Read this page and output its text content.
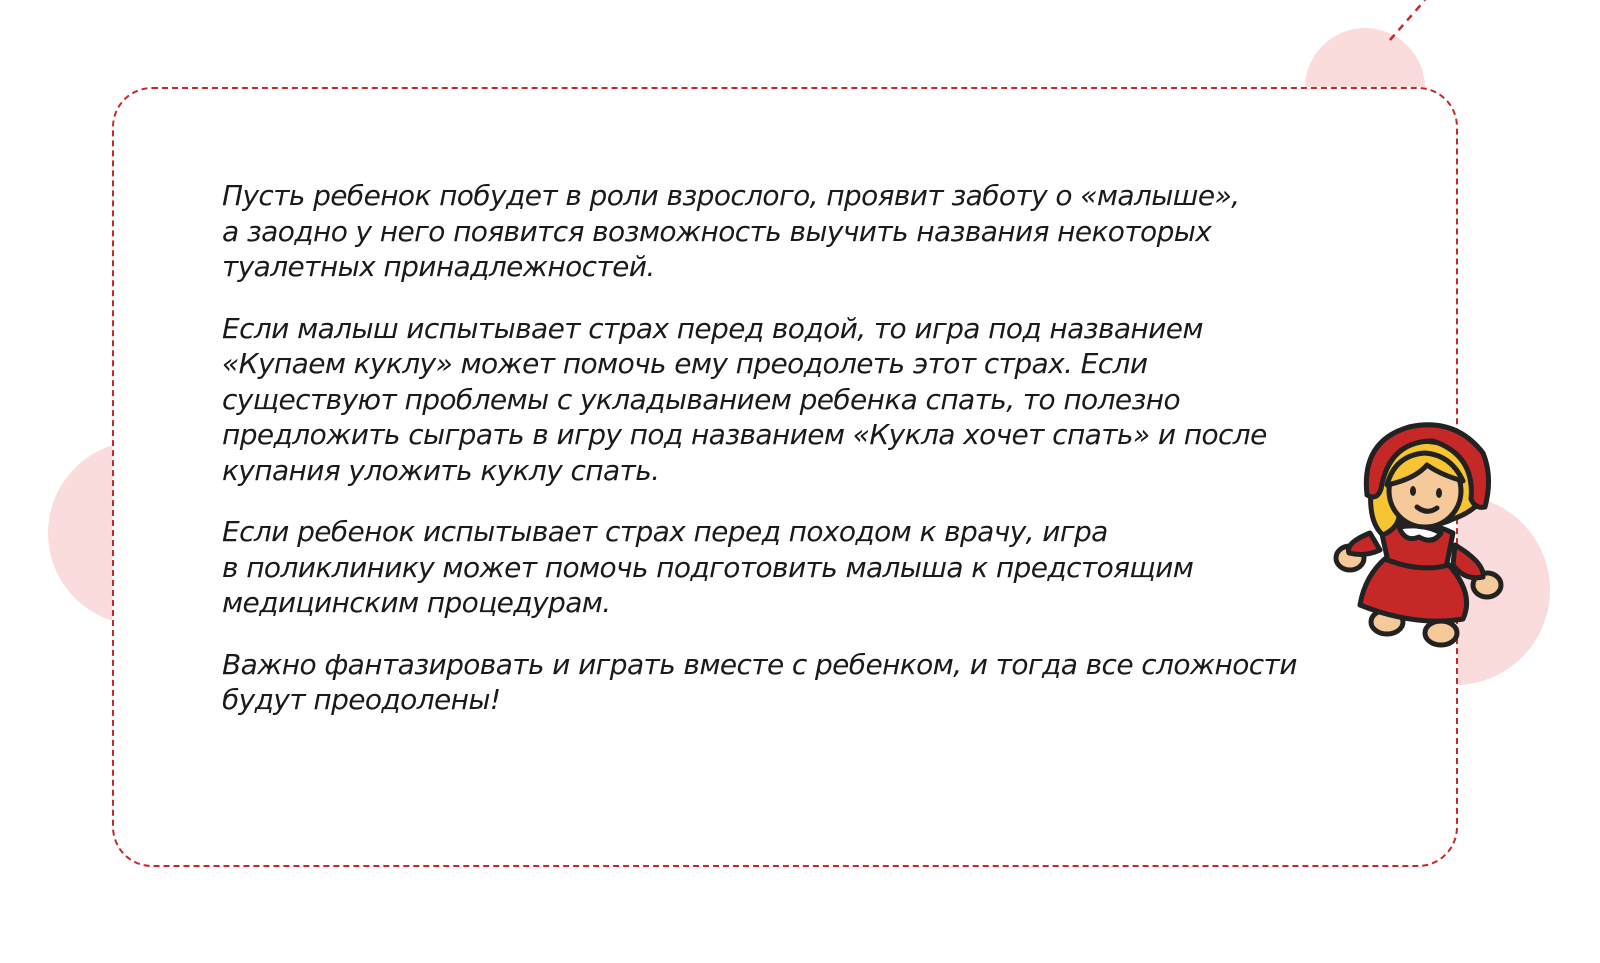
Пусть ребенок побудет в роли взрослого, проявит заботу о «малыше»,
а заодно у него появится возможность выучить названия некоторых
туалетных принадлежностей.

Если малыш испытывает страх перед водой, то игра под названием
«Купаем куклу» может помочь ему преодолеть этот страх. Если
существуют проблемы с укладыванием ребенка спать, то полезно
предложить сыграть в игру под названием «Кукла хочет спать» и после
купания уложить куклу спать.

Если ребенок испытывает страх перед походом к врачу, игра
в поликлинику может помочь подготовить малыша к предстоящим
медицинским процедурам.

Важно фантазировать и играть вместе с ребенком, и тогда все сложности
будут преодолены!
